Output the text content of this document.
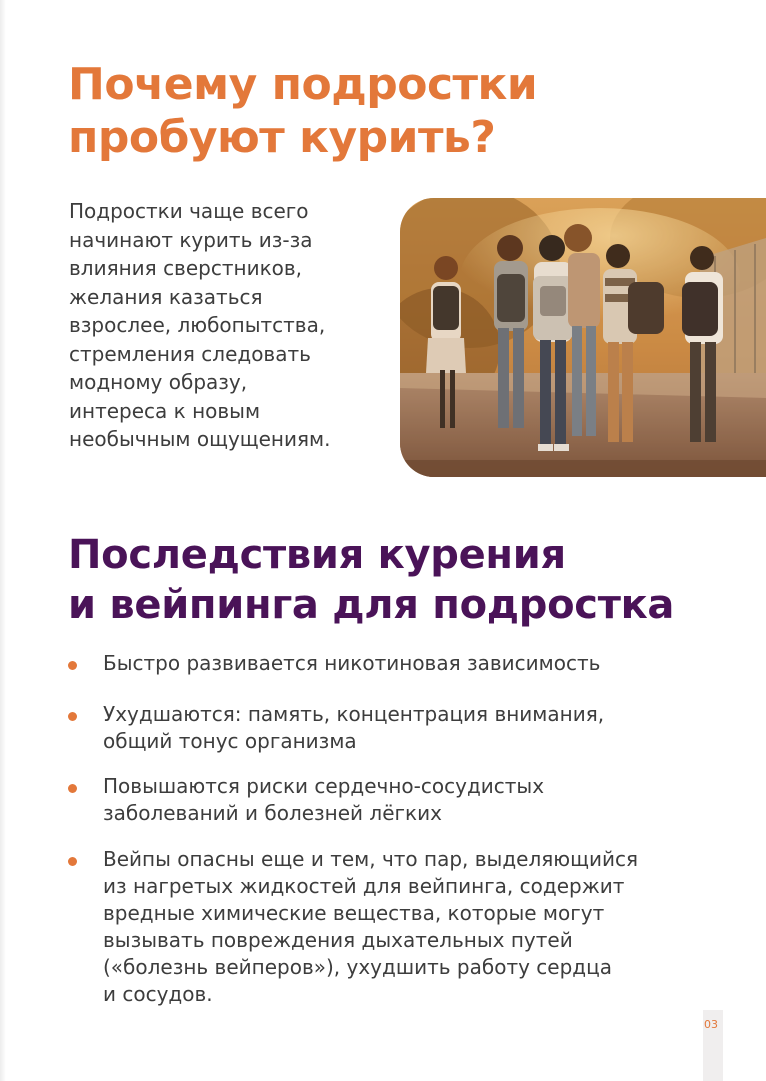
Почему подростки
пробуют курить?

Подростки чаще всего
начинают курить из-за
влияния сверстников,
желания казаться
взрослее, любопытства,
стремления следовать
модному образу,
интереса к новым
необычным ощущениям.

Последствия курения
и вейпинга для подростка
Быстро развивается никотиновая зависимость
Ухудшаются: память, концентрация внимания,
общий тонус организма
Повышаются риски сердечно-сосудистых
заболеваний и болезней лёгких
Вейпы опасны еще и тем, что пар, выделяющийся
из нагретых жидкостей для вейпинга, содержит
вредные химические вещества, которые могут
вызывать повреждения дыхательных путей
(«болезнь вейперов»), ухудшить работу сердца
и сосудов.
03
